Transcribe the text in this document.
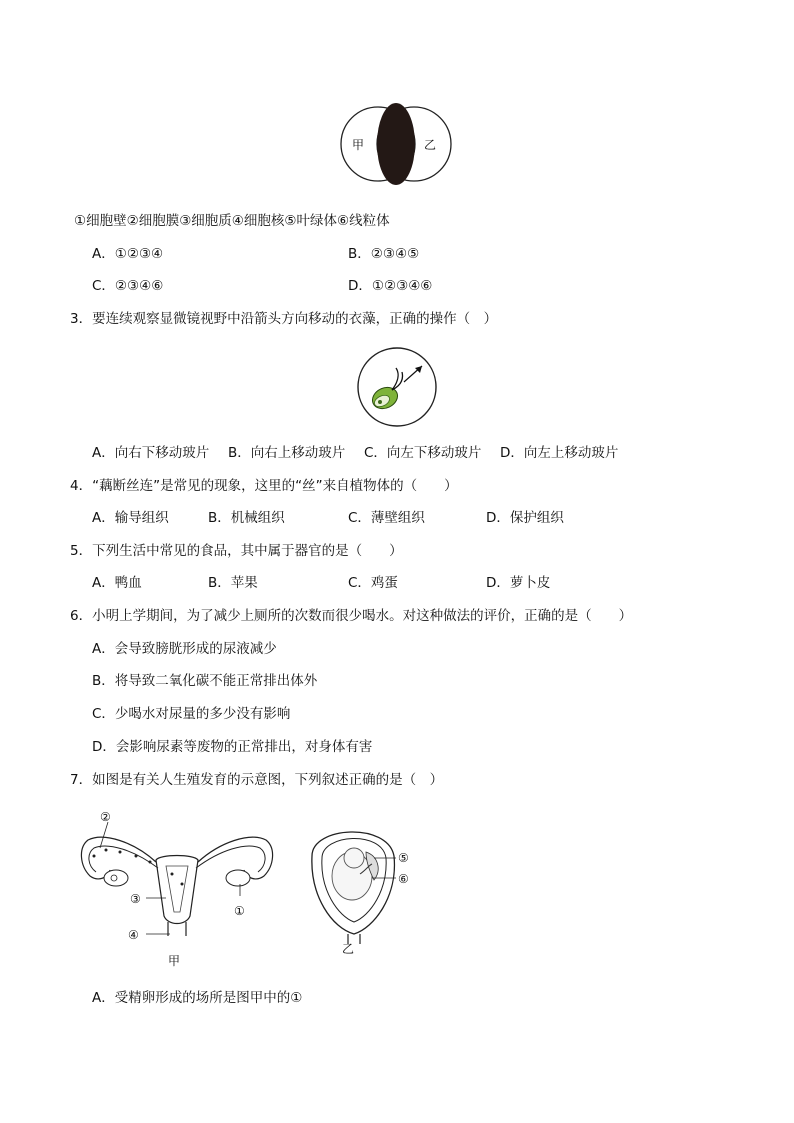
甲	乙
①细胞壁②细胞膜③细胞质④细胞核⑤叶绿体⑥线粒体
A．①②③④	B．②③④⑤
C．②③④⑥	D．①②③④⑥
3．要连续观察显微镜视野中沿箭头方向移动的衣藻，正确的操作（　）
A．向右下移动玻片 B．向右上移动玻片 C．向左下移动玻片 D．向左上移动玻片
4．“藕断丝连”是常见的现象，这里的“丝”来自植物体的（　　）
A．输导组织	B．机械组织	C．薄壁组织	D．保护组织
5．下列生活中常见的食品，其中属于器官的是（　　）
A．鸭血	B．苹果	C．鸡蛋	D．萝卜皮
6．小明上学期间，为了减少上厕所的次数而很少喝水。对这种做法的评价，正确的是（　　）
A．会导致膀胱形成的尿液减少
B．将导致二氧化碳不能正常排出体外
C．少喝水对尿量的多少没有影响
D．会影响尿素等废物的正常排出，对身体有害
7．如图是有关人生殖发育的示意图，下列叙述正确的是（　）
②
①
③
④
甲
⑤
⑥
乙
A．受精卵形成的场所是图甲中的①
